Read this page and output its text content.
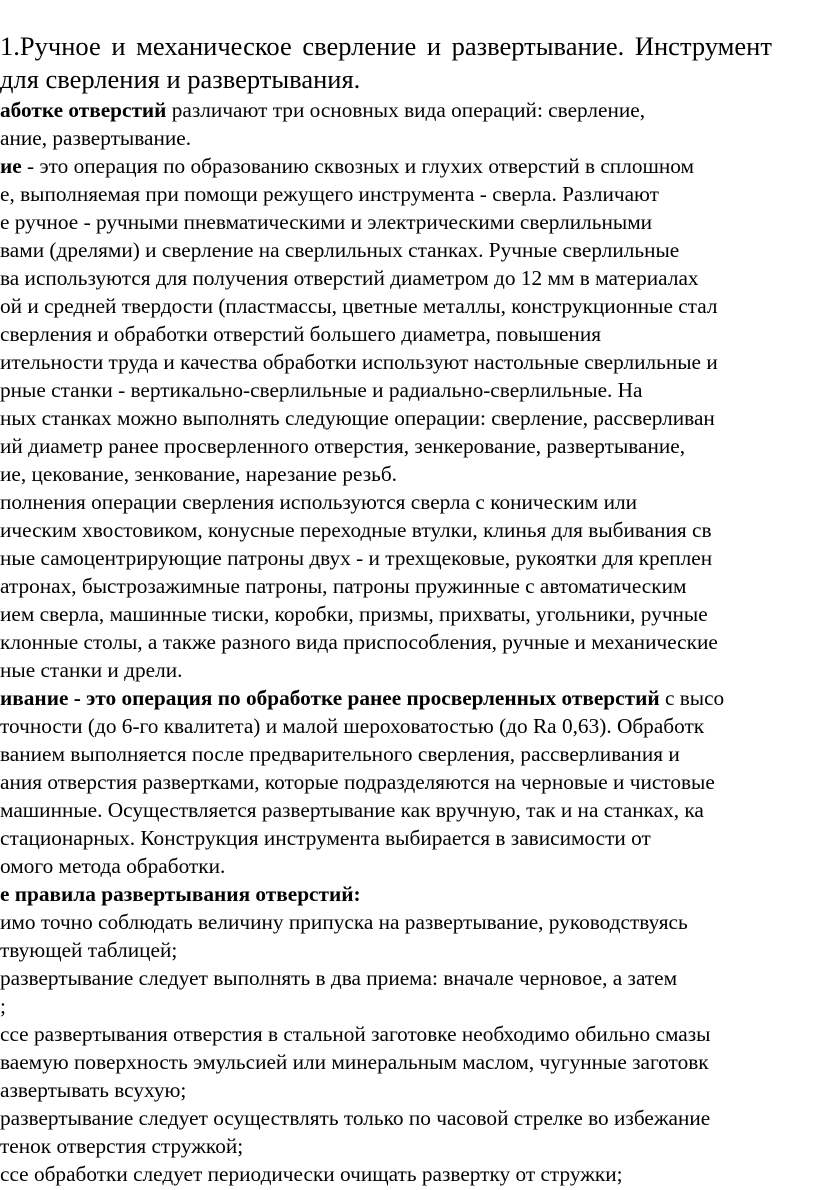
1.Ручное и механическое сверление и развертывание. Инструмент
для сверления и развертывания.
аботке отверстий различают три основных вида операций: сверление,
ание, развертывание.
ие - это операция по образованию сквозных и глухих отверстий в сплошном
е, выполняемая при помощи режущего инструмента - сверла. Различают
е ручное - ручными пневматическими и электрическими сверлильными
вами (дрелями) и сверление на сверлильных станках. Ручные сверлильные
ва используются для получения отверстий диаметром до 12 мм в материалах
ой и средней твердости (пластмассы, цветные металлы, конструкционные стал
сверления и обработки отверстий большего диаметра, повышения
ительности труда и качества обработки используют настольные сверлильные и
рные станки - вертикально-сверлильные и радиально-сверлильные. На
ных станках можно выполнять следующие операции: сверление, рассверливан
ий диаметр ранее просверленного отверстия, зенкерование, развертывание,
ие, цекование, зенкование, нарезание резьб.
полнения операции сверления используются сверла с коническим или
ическим хвостовиком, конусные переходные втулки, клинья для выбивания св
ные самоцентрирующие патроны двух - и трехщековые, рукоятки для креплен
атронах, быстрозажимные патроны, патроны пружинные с автоматическим
ием сверла, машинные тиски, коробки, призмы, прихваты, угольники, ручные
клонные столы, а также разного вида приспособления, ручные и механические
ные станки и дрели.
ивание - это операция по обработке ранее просверленных отверстий с высо
точности (до 6-го квалитета) и малой шероховатостью (до Ra 0,63). Обработк
ванием выполняется после предварительного сверления, рассверливания и
ания отверстия развертками, которые подразделяются на черновые и чистовые
машинные. Осуществляется развертывание как вручную, так и на станках, ка
стационарных. Конструкция инструмента выбирается в зависимости от
омого метода обработки.
е правила развертывания отверстий:
имо точно соблюдать величину припуска на развертывание, руководствуясь
твующей таблицей;
развертывание следует выполнять в два приема: вначале черновое, а затем
;
ссе развертывания отверстия в стальной заготовке необходимо обильно смазы
ваемую поверхность эмульсией или минеральным маслом, чугунные заготовк
азвертывать всухую;
развертывание следует осуществлять только по часовой стрелке во избежание
тенок отверстия стружкой;
ссе обработки следует периодически очищать развертку от стружки;
